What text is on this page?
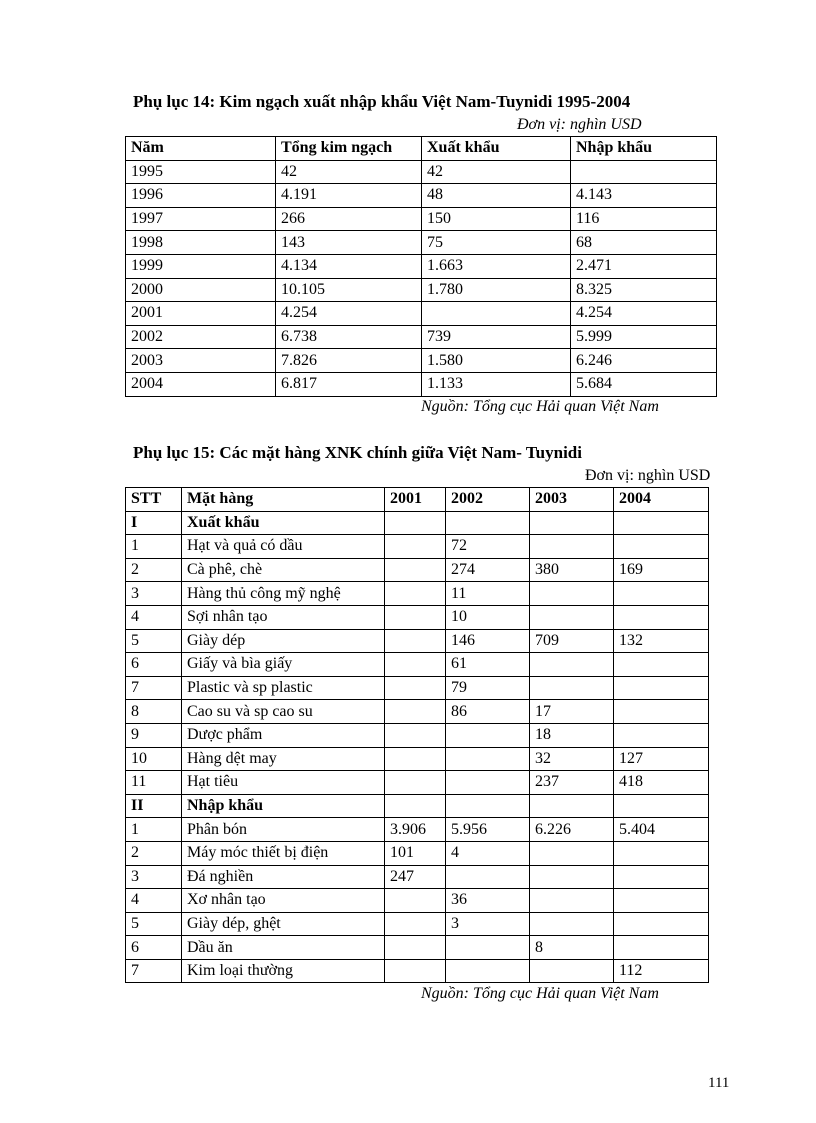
Phụ lục 14: Kim ngạch xuất nhập khẩu Việt Nam-Tuynidi 1995-2004
Đơn vị: nghìn USD
Năm	Tổng kim ngạch	Xuất khẩu	Nhập khẩu
1995	42	42	
1996	4.191	48	4.143
1997	266	150	116
1998	143	75	68
1999	4.134	1.663	2.471
2000	10.105	1.780	8.325
2001	4.254		4.254
2002	6.738	739	5.999
2003	7.826	1.580	6.246
2004	6.817	1.133	5.684
Nguồn: Tổng cục Hải quan Việt Nam
Phụ lục 15: Các mặt hàng XNK chính giữa Việt Nam- Tuynidi
Đơn vị: nghìn USD
STT	Mặt hàng	2001	2002	2003	2004
I	Xuất khẩu				
1	Hạt và quả có dầu		72		
2	Cà phê, chè		274	380	169
3	Hàng thủ công mỹ nghệ		11		
4	Sợi nhân tạo		10		
5	Giày dép		146	709	132
6	Giấy và bìa giấy		61		
7	Plastic và sp plastic		79		
8	Cao su và sp cao su		86	17	
9	Dược phẩm			18	
10	Hàng dệt may			32	127
11	Hạt tiêu			237	418
II	Nhập khẩu				
1	Phân bón	3.906	5.956	6.226	5.404
2	Máy móc thiết bị điện	101	4		
3	Đá nghiền	247			
4	Xơ nhân tạo		36		
5	Giày dép, ghệt		3		
6	Dầu ăn			8	
7	Kim loại thường				112
Nguồn: Tổng cục Hải quan Việt Nam
111
